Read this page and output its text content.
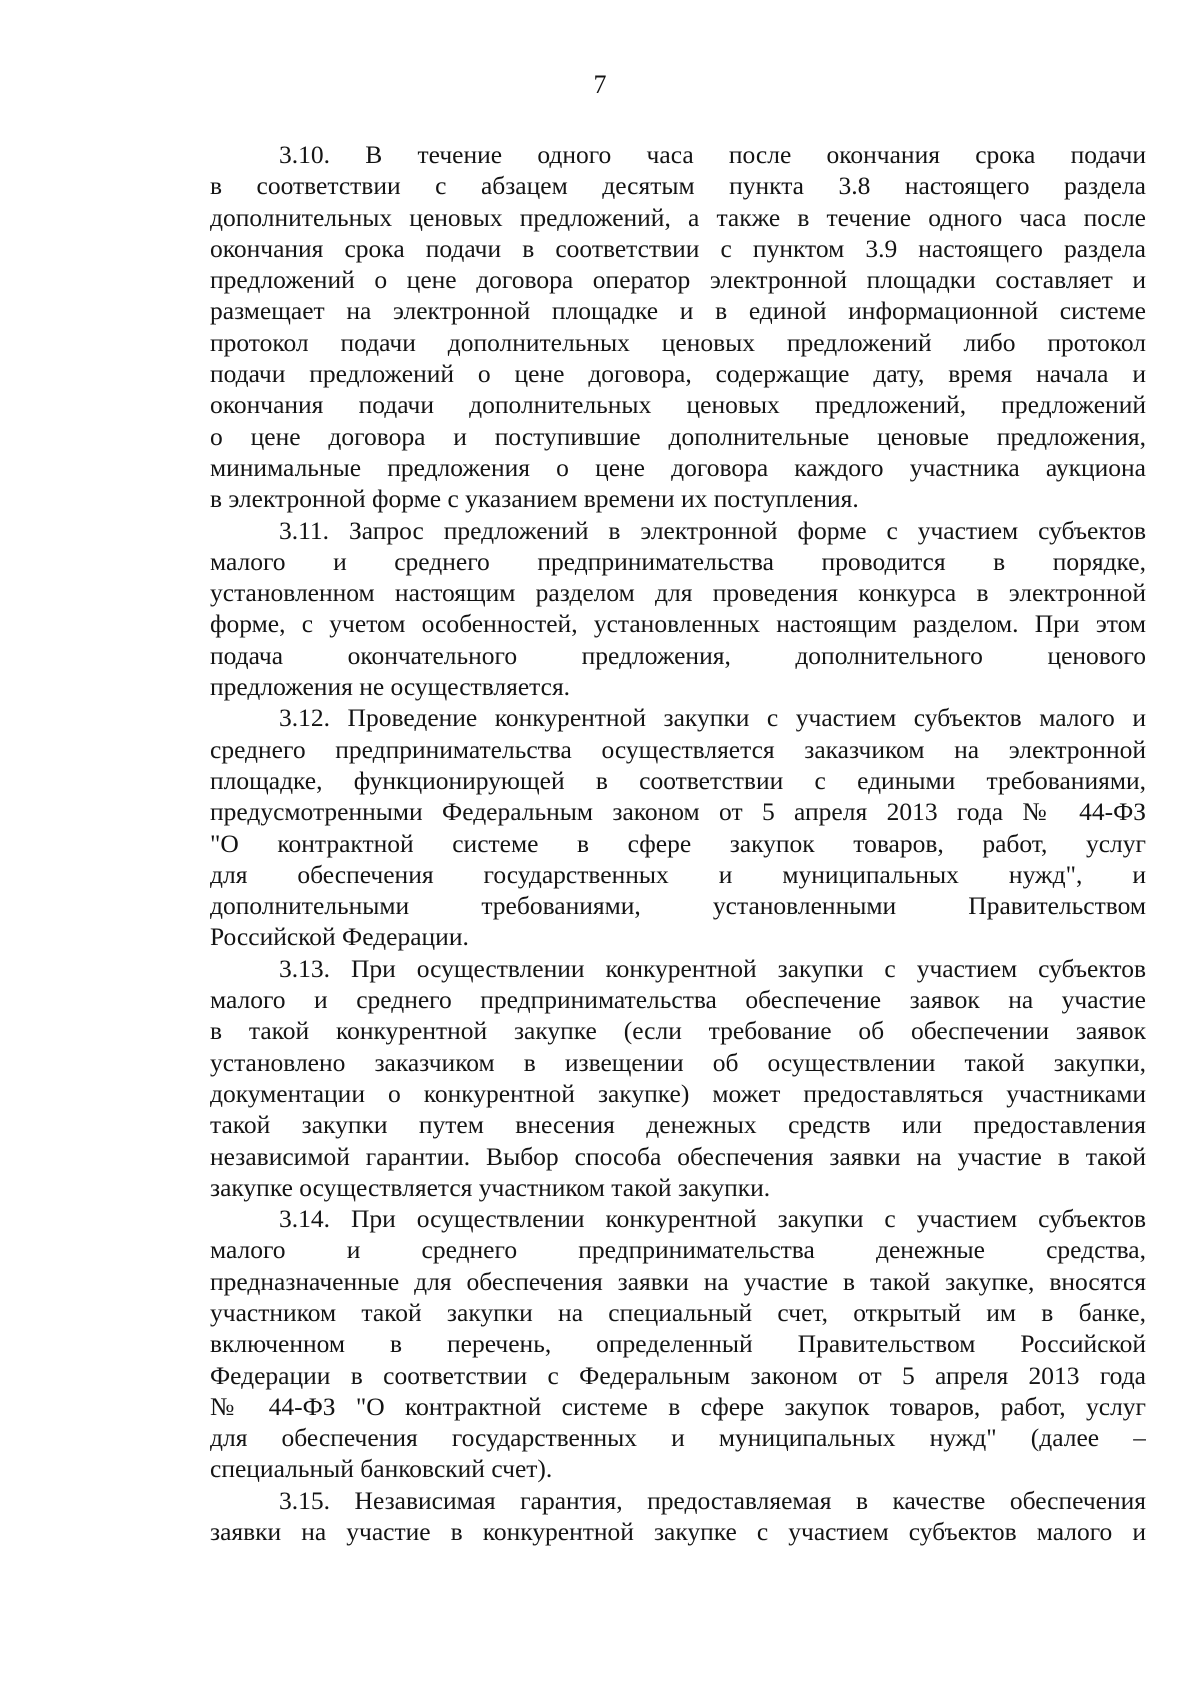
7
3.10. В течение одного часа после окончания срока подачи
в соответствии с абзацем десятым пункта 3.8 настоящего раздела
дополнительных ценовых предложений, а также в течение одного часа после
окончания срока подачи в соответствии с пунктом 3.9 настоящего раздела
предложений о цене договора оператор электронной площадки составляет и
размещает на электронной площадке и в единой информационной системе
протокол подачи дополнительных ценовых предложений либо протокол
подачи предложений о цене договора, содержащие дату, время начала и
окончания подачи дополнительных ценовых предложений, предложений
о цене договора и поступившие дополнительные ценовые предложения,
минимальные предложения о цене договора каждого участника аукциона
в электронной форме с указанием времени их поступления.
3.11. Запрос предложений в электронной форме с участием субъектов
малого и среднего предпринимательства проводится в порядке,
установленном настоящим разделом для проведения конкурса в электронной
форме, с учетом особенностей, установленных настоящим разделом. При этом
подача окончательного предложения, дополнительного ценового
предложения не осуществляется.
3.12. Проведение конкурентной закупки с участием субъектов малого и
среднего предпринимательства осуществляется заказчиком на электронной
площадке, функционирующей в соответствии с едиными требованиями,
предусмотренными Федеральным законом от 5 апреля 2013 года № 44-ФЗ
"О контрактной системе в сфере закупок товаров, работ, услуг
для обеспечения государственных и муниципальных нужд", и
дополнительными требованиями, установленными Правительством
Российской Федерации.
3.13. При осуществлении конкурентной закупки с участием субъектов
малого и среднего предпринимательства обеспечение заявок на участие
в такой конкурентной закупке (если требование об обеспечении заявок
установлено заказчиком в извещении об осуществлении такой закупки,
документации о конкурентной закупке) может предоставляться участниками
такой закупки путем внесения денежных средств или предоставления
независимой гарантии. Выбор способа обеспечения заявки на участие в такой
закупке осуществляется участником такой закупки.
3.14. При осуществлении конкурентной закупки с участием субъектов
малого и среднего предпринимательства денежные средства,
предназначенные для обеспечения заявки на участие в такой закупке, вносятся
участником такой закупки на специальный счет, открытый им в банке,
включенном в перечень, определенный Правительством Российской
Федерации в соответствии с Федеральным законом от 5 апреля 2013 года
№ 44-ФЗ "О контрактной системе в сфере закупок товаров, работ, услуг
для обеспечения государственных и муниципальных нужд" (далее –
специальный банковский счет).
3.15. Независимая гарантия, предоставляемая в качестве обеспечения
заявки на участие в конкурентной закупке с участием субъектов малого и
